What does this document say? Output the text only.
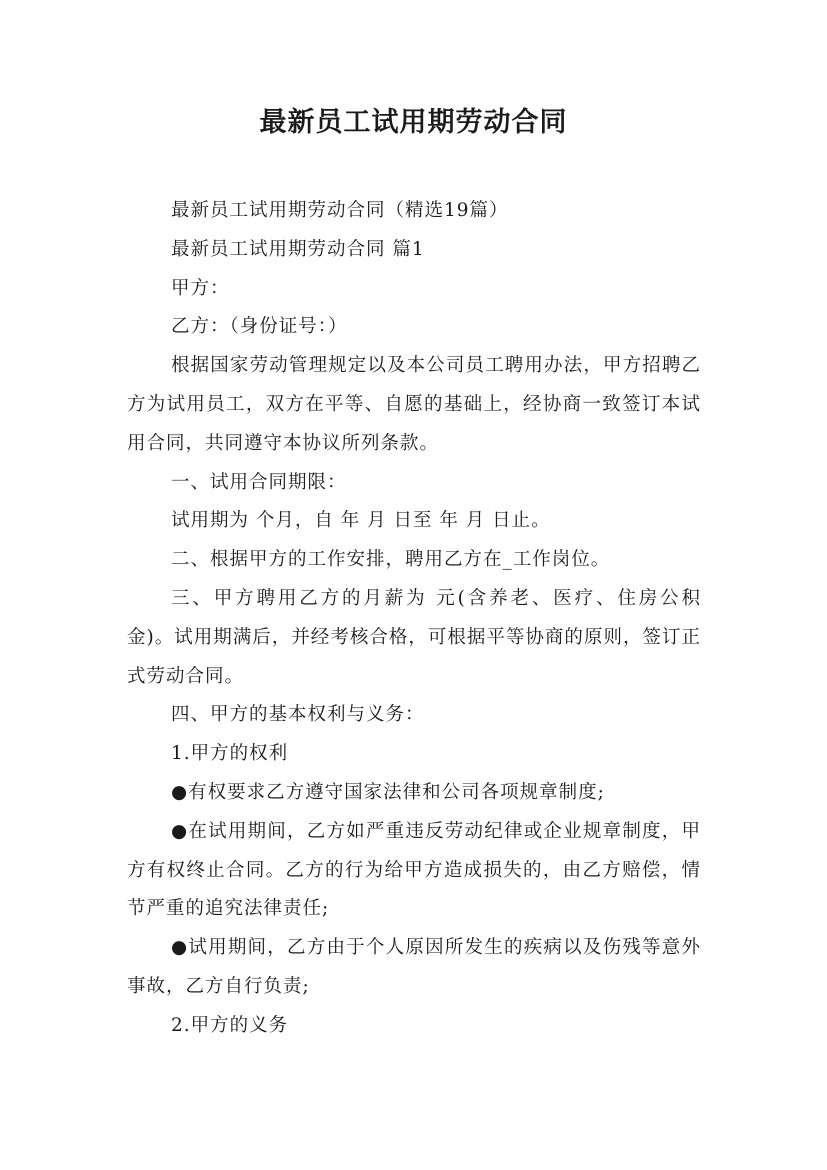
最新员工试用期劳动合同

最新员工试用期劳动合同（精选19篇）

最新员工试用期劳动合同 篇1

甲方：

乙方：（身份证号：）

根据国家劳动管理规定以及本公司员工聘用办法，甲方招聘乙方为试用员工，双方在平等、自愿的基础上，经协商一致签订本试用合同，共同遵守本协议所列条款。

一、试用合同期限：

试用期为 个月，自 年 月 日至 年 月 日止。

二、根据甲方的工作安排，聘用乙方在_工作岗位。

三、甲方聘用乙方的月薪为 元(含养老、医疗、住房公积金)。试用期满后，并经考核合格，可根据平等协商的原则，签订正式劳动合同。

四、甲方的基本权利与义务：

1.甲方的权利

●有权要求乙方遵守国家法律和公司各项规章制度;

●在试用期间，乙方如严重违反劳动纪律或企业规章制度，甲方有权终止合同。乙方的行为给甲方造成损失的，由乙方赔偿，情节严重的追究法律责任;

●试用期间，乙方由于个人原因所发生的疾病以及伤残等意外事故，乙方自行负责;

2.甲方的义务
